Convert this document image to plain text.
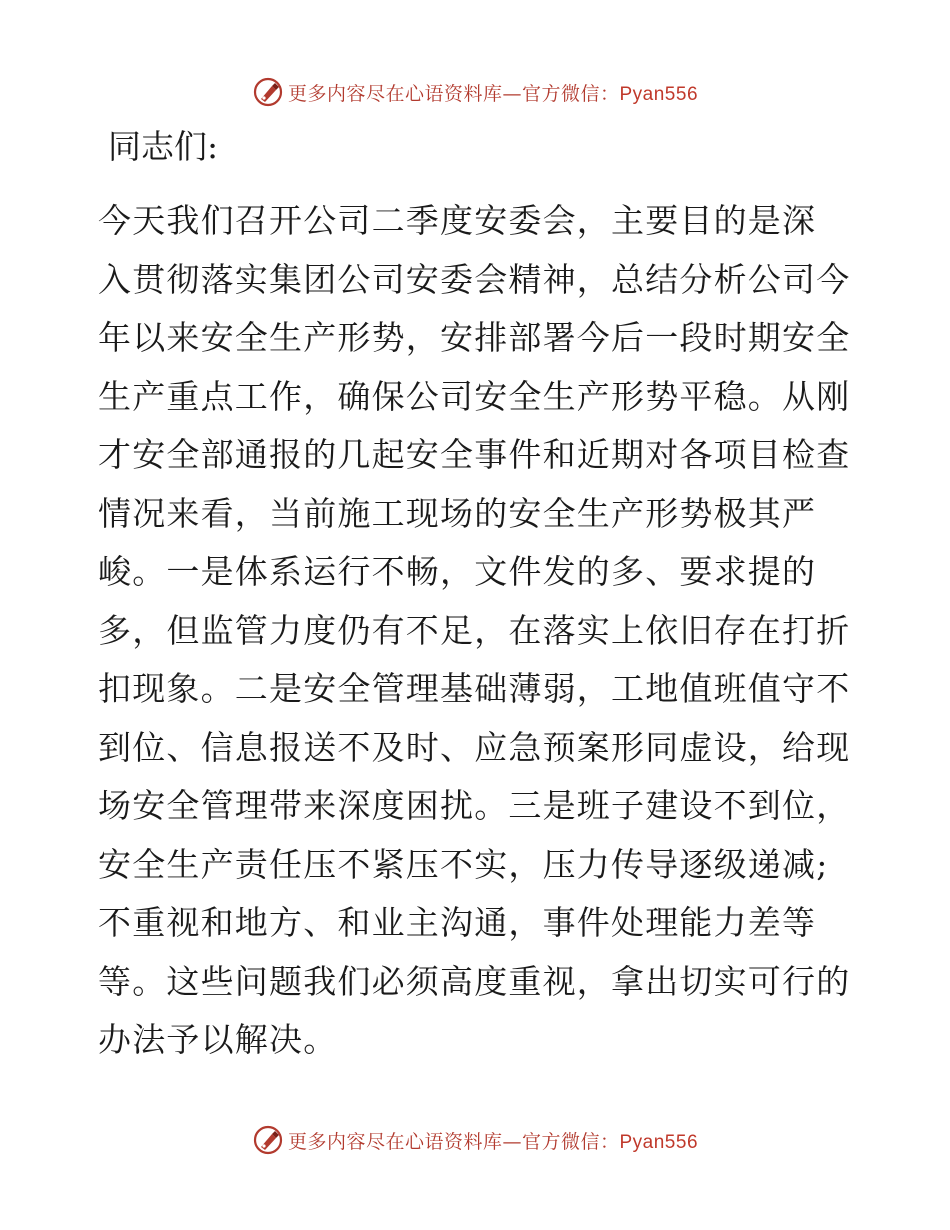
更多内容尽在心语资料库—官方微信：Pyan556
同志们:
今天我们召开公司二季度安委会，主要目的是深
入贯彻落实集团公司安委会精神，总结分析公司今
年以来安全生产形势，安排部署今后一段时期安全
生产重点工作，确保公司安全生产形势平稳。从刚
才安全部通报的几起安全事件和近期对各项目检查
情况来看，当前施工现场的安全生产形势极其严
峻。一是体系运行不畅，文件发的多、要求提的
多，但监管力度仍有不足，在落实上依旧存在打折
扣现象。二是安全管理基础薄弱，工地值班值守不
到位、信息报送不及时、应急预案形同虚设，给现
场安全管理带来深度困扰。三是班子建设不到位，
安全生产责任压不紧压不实，压力传导逐级递减;
不重视和地方、和业主沟通，事件处理能力差等
等。这些问题我们必须高度重视，拿出切实可行的
办法予以解决。
更多内容尽在心语资料库—官方微信：Pyan556
